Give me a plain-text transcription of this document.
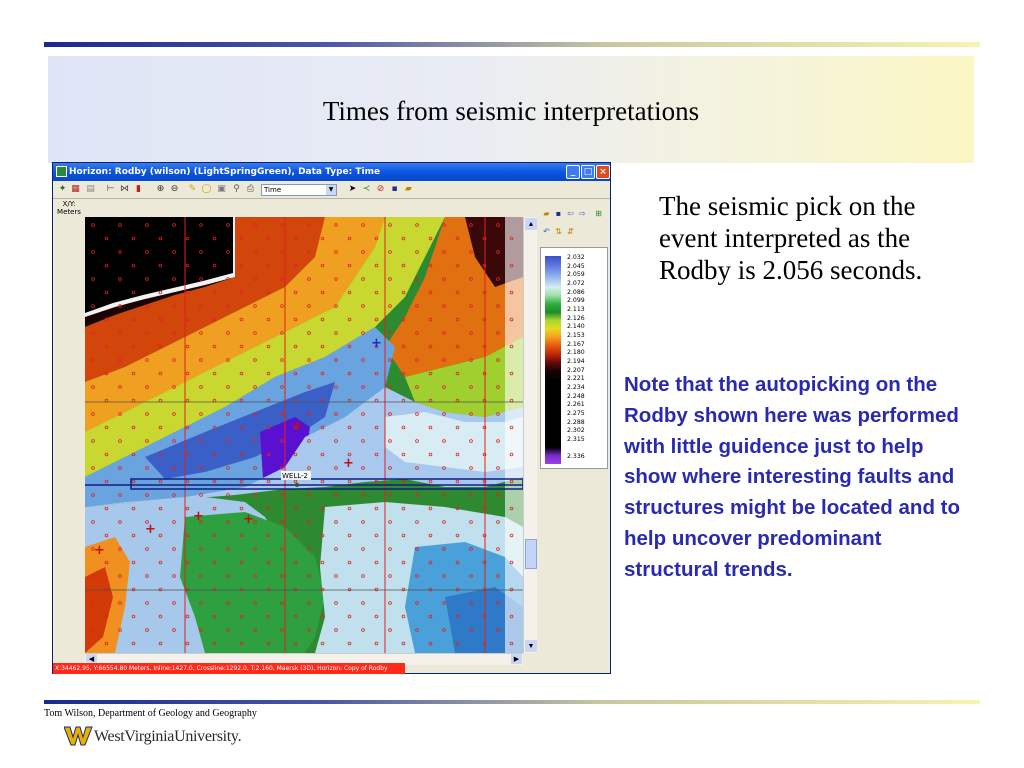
Times from seismic interpretations
Horizon: Rodby (wilson) (LightSpringGreen), Data Type: Time	_ □ ×
✦ ▦ ▤ ⊢ ⋈ ▮	⊕ ⊖ ✎ ◯ ▣ ⚲ ⎙	Time	▼ ➤ ≺ ⊘ ▪ ▰
X/Y:
Meters
+
+
+
+	+
+
+
WELL-2
▲
▼
◀	▶
▰ ▪ ⇦ ⇨ ⊞↶ ⇅ ⇵
2.032
2.045
2.059
2.072
2.086
2.099
2.113
2.126
2.140
2.153
2.167
2.180
2.194
2.207
2.221
2.234
2.248
2.261
2.275
2.288
2.302
2.315
2.336
X:34462.95, Y:66554.80 Meters, Inline:1427.0, Crossline:1292.0, T:2.160, Maersk (3D), Horizon: Copy of Rodby
The seismic pick on the event interpreted as the Rodby is 2.056 seconds.
Note that the autopicking on the Rodby shown here was performed with little guidence just to help show where interesting faults and structures might be located and to help uncover predominant structural trends.
Tom Wilson, Department of Geology and Geography
WestVirginiaUniversity.
